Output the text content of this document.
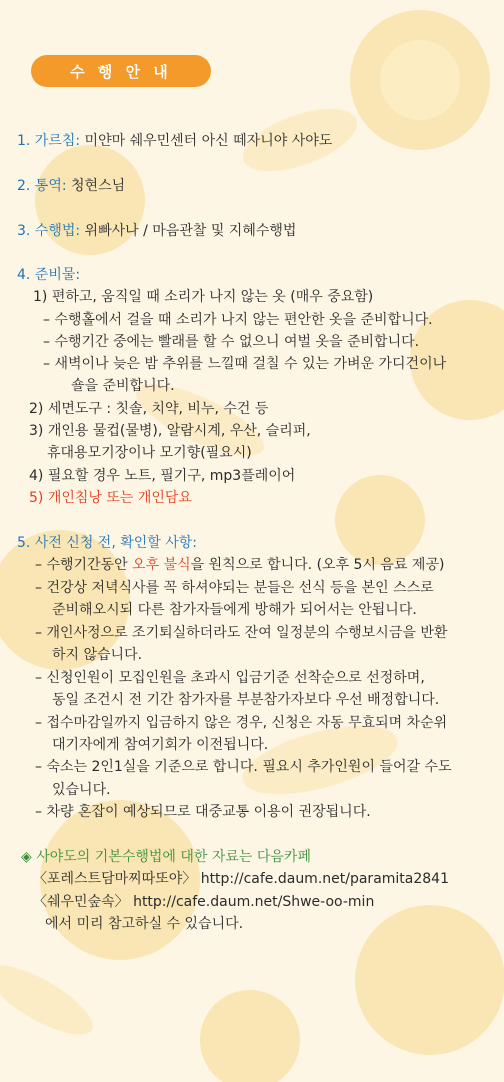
수 행 안 내
1. 가르침: 미얀마 쉐우민센터 아신 떼자니야 사야도
2. 통역: 청현스님
3. 수행법: 위빠사나 / 마음관찰 및 지혜수행법
4. 준비물:
1) 편하고, 움직일 때 소리가 나지 않는 옷 (매우 중요함)
– 수행홀에서 걸을 때 소리가 나지 않는 편안한 옷을 준비합니다.
– 수행기간 중에는 빨래를 할 수 없으니 여벌 옷을 준비합니다.
– 새벽이나 늦은 밤 추위를 느낄때 걸칠 수 있는 가벼운 가디건이나
숄을 준비합니다.
2) 세면도구 : 칫솔, 치약, 비누, 수건 등
3) 개인용 물컵(물병), 알람시계, 우산, 슬리퍼,
휴대용모기장이나 모기향(필요시)
4) 필요할 경우 노트, 필기구, mp3플레이어
5) 개인침낭 또는 개인담요
5. 사전 신청 전, 확인할 사항:
– 수행기간동안 오후 불식을 원칙으로 합니다. (오후 5시 음료 제공)
– 건강상 저녁식사를 꼭 하셔야되는 분들은 선식 등을 본인 스스로
준비해오시되 다른 참가자들에게 방해가 되어서는 안됩니다.
– 개인사정으로 조기퇴실하더라도 잔여 일정분의 수행보시금을 반환
하지 않습니다.
– 신청인원이 모집인원을 초과시 입금기준 선착순으로 선정하며,
동일 조건시 전 기간 참가자를 부분참가자보다 우선 배정합니다.
– 접수마감일까지 입금하지 않은 경우, 신청은 자동 무효되며 차순위
대기자에게 참여기회가 이전됩니다.
– 숙소는 2인1실을 기준으로 합니다. 필요시 추가인원이 들어갈 수도
있습니다.
– 차량 혼잡이 예상되므로 대중교통 이용이 권장됩니다.
◈ 사야도의 기본수행법에 대한 자료는 다음카페
〈포레스트담마찌따또야〉 http://cafe.daum.net/paramita2841
〈쉐우민숲속〉 http://cafe.daum.net/Shwe-oo-min
에서 미리 참고하실 수 있습니다.
